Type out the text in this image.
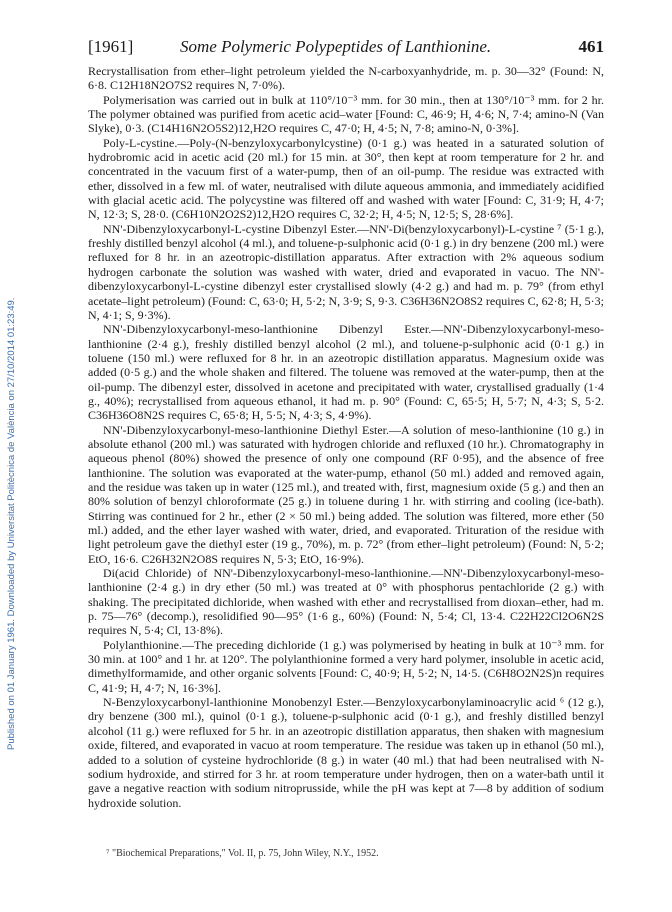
Published on 01 January 1961. Downloaded by Universitat Politècnica de València on 27/10/2014 01:23:49.
[1961]	Some Polymeric Polypeptides of Lanthionine.	461

Recrystallisation from ether–light petroleum yielded the N-carboxyanhydride, m. p. 30—32° (Found: N, 6·8. C12H18N2O7S2 requires N, 7·0%).

Polymerisation was carried out in bulk at 110°/10⁻³ mm. for 30 min., then at 130°/10⁻³ mm. for 2 hr. The polymer obtained was purified from acetic acid–water [Found: C, 46·9; H, 4·6; N, 7·4; amino-N (Van Slyke), 0·3. (C14H16N2O5S2)12,H2O requires C, 47·0; H, 4·5; N, 7·8; amino-N, 0·3%].

Poly-L-cystine.—Poly-(N-benzyloxycarbonylcystine) (0·1 g.) was heated in a saturated solution of hydrobromic acid in acetic acid (20 ml.) for 15 min. at 30°, then kept at room temperature for 2 hr. and concentrated in the vacuum first of a water-pump, then of an oil-pump. The residue was extracted with ether, dissolved in a few ml. of water, neutralised with dilute aqueous ammonia, and immediately acidified with glacial acetic acid. The polycystine was filtered off and washed with water [Found: C, 31·9; H, 4·7; N, 12·3; S, 28·0. (C6H10N2O2S2)12,H2O requires C, 32·2; H, 4·5; N, 12·5; S, 28·6%].

NN'-Dibenzyloxycarbonyl-L-cystine Dibenzyl Ester.—NN'-Di(benzyloxycarbonyl)-L-cystine ⁷ (5·1 g.), freshly distilled benzyl alcohol (4 ml.), and toluene-p-sulphonic acid (0·1 g.) in dry benzene (200 ml.) were refluxed for 8 hr. in an azeotropic-distillation apparatus. After extraction with 2% aqueous sodium hydrogen carbonate the solution was washed with water, dried and evaporated in vacuo. The NN'-dibenzyloxycarbonyl-L-cystine dibenzyl ester crystallised slowly (4·2 g.) and had m. p. 79° (from ethyl acetate–light petroleum) (Found: C, 63·0; H, 5·2; N, 3·9; S, 9·3. C36H36N2O8S2 requires C, 62·8; H, 5·3; N, 4·1; S, 9·3%).

NN'-Dibenzyloxycarbonyl-meso-lanthionine Dibenzyl Ester.—NN'-Dibenzyloxycarbonyl-meso-lanthionine (2·4 g.), freshly distilled benzyl alcohol (2 ml.), and toluene-p-sulphonic acid (0·1 g.) in toluene (150 ml.) were refluxed for 8 hr. in an azeotropic distillation apparatus. Magnesium oxide was added (0·5 g.) and the whole shaken and filtered. The toluene was removed at the water-pump, then at the oil-pump. The dibenzyl ester, dissolved in acetone and precipitated with water, crystallised gradually (1·4 g., 40%); recrystallised from aqueous ethanol, it had m. p. 90° (Found: C, 65·5; H, 5·7; N, 4·3; S, 5·2. C36H36O8N2S requires C, 65·8; H, 5·5; N, 4·3; S, 4·9%).

NN'-Dibenzyloxycarbonyl-meso-lanthionine Diethyl Ester.—A solution of meso-lanthionine (10 g.) in absolute ethanol (200 ml.) was saturated with hydrogen chloride and refluxed (10 hr.). Chromatography in aqueous phenol (80%) showed the presence of only one compound (RF 0·95), and the absence of free lanthionine. The solution was evaporated at the water-pump, ethanol (50 ml.) added and removed again, and the residue was taken up in water (125 ml.), and treated with, first, magnesium oxide (5 g.) and then an 80% solution of benzyl chloroformate (25 g.) in toluene during 1 hr. with stirring and cooling (ice-bath). Stirring was continued for 2 hr., ether (2 × 50 ml.) being added. The solution was filtered, more ether (50 ml.) added, and the ether layer washed with water, dried, and evaporated. Trituration of the residue with light petroleum gave the diethyl ester (19 g., 70%), m. p. 72° (from ether–light petroleum) (Found: N, 5·2; EtO, 16·6. C26H32N2O8S requires N, 5·3; EtO, 16·9%).

Di(acid Chloride) of NN'-Dibenzyloxycarbonyl-meso-lanthionine.—NN'-Dibenzyloxycarbonyl-meso-lanthionine (2·4 g.) in dry ether (50 ml.) was treated at 0° with phosphorus pentachloride (2 g.) with shaking. The precipitated dichloride, when washed with ether and recrystallised from dioxan–ether, had m. p. 75—76° (decomp.), resolidified 90—95° (1·6 g., 60%) (Found: N, 5·4; Cl, 13·4. C22H22Cl2O6N2S requires N, 5·4; Cl, 13·8%).

Polylanthionine.—The preceding dichloride (1 g.) was polymerised by heating in bulk at 10⁻³ mm. for 30 min. at 100° and 1 hr. at 120°. The polylanthionine formed a very hard polymer, insoluble in acetic acid, dimethylformamide, and other organic solvents [Found: C, 40·9; H, 5·2; N, 14·5. (C6H8O2N2S)n requires C, 41·9; H, 4·7; N, 16·3%].

N-Benzyloxycarbonyl-lanthionine Monobenzyl Ester.—Benzyloxycarbonylaminoacrylic acid ⁶ (12 g.), dry benzene (300 ml.), quinol (0·1 g.), toluene-p-sulphonic acid (0·1 g.), and freshly distilled benzyl alcohol (11 g.) were refluxed for 5 hr. in an azeotropic distillation apparatus, then shaken with magnesium oxide, filtered, and evaporated in vacuo at room temperature. The residue was taken up in ethanol (50 ml.), added to a solution of cysteine hydrochloride (8 g.) in water (40 ml.) that had been neutralised with N-sodium hydroxide, and stirred for 3 hr. at room temperature under hydrogen, then on a water-bath until it gave a negative reaction with sodium nitroprusside, while the pH was kept at 7—8 by addition of sodium hydroxide solution.

⁷ "Biochemical Preparations," Vol. II, p. 75, John Wiley, N.Y., 1952.
